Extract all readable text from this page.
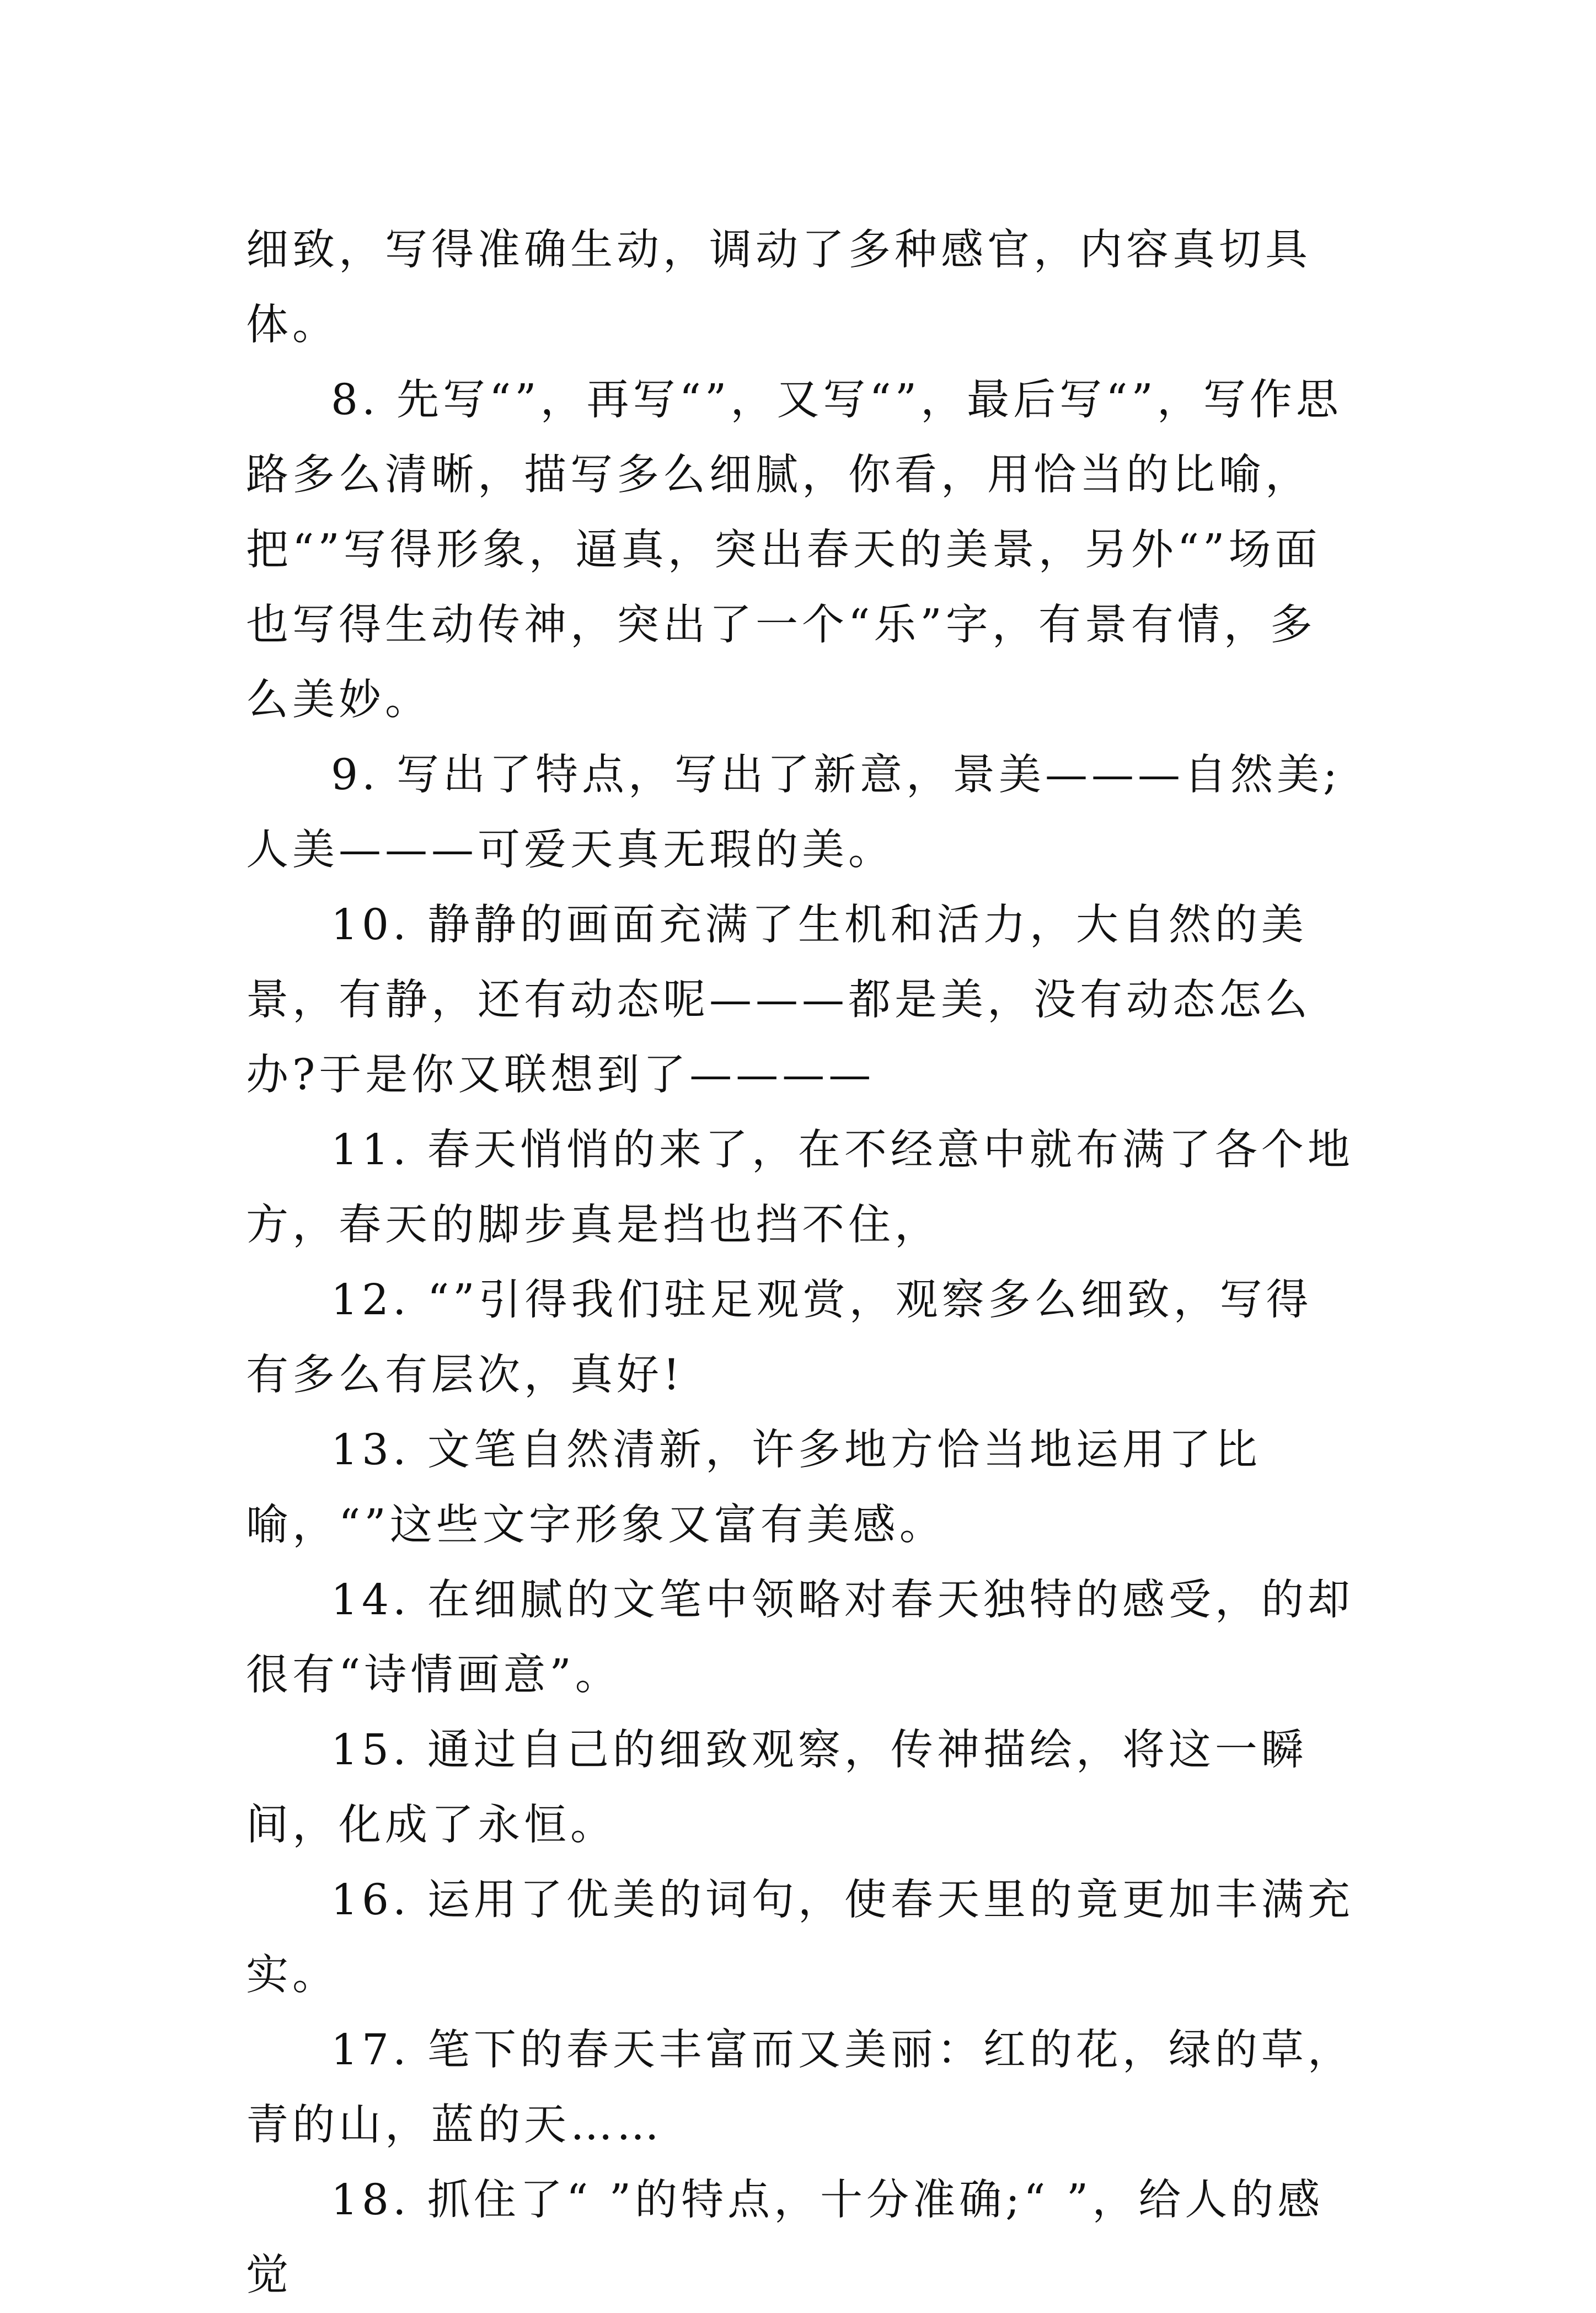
细致，写得准确生动，调动了多种感官，内容真切具体。

8. 先写“”，再写“”，又写“”，最后写“”，写作思路多么清晰，描写多么细腻，你看，用恰当的比喻，把“”写得形象，逼真，突出春天的美景，另外“”场面也写得生动传神，突出了一个“乐”字，有景有情，多么美妙。

9. 写出了特点，写出了新意，景美———自然美;人美———可爱天真无瑕的美。

10. 静静的画面充满了生机和活力，大自然的美景，有静，还有动态呢———都是美，没有动态怎么办?于是你又联想到了————

11. 春天悄悄的来了，在不经意中就布满了各个地方，春天的脚步真是挡也挡不住，

12. “”引得我们驻足观赏，观察多么细致，写得有多么有层次，真好!

13. 文笔自然清新，许多地方恰当地运用了比喻，“”这些文字形象又富有美感。

14. 在细腻的文笔中领略对春天独特的感受，的却很有“诗情画意”。

15. 通过自己的细致观察，传神描绘，将这一瞬间，化成了永恒。

16. 运用了优美的词句，使春天里的竟更加丰满充实。

17. 笔下的春天丰富而又美丽：红的花，绿的草，青的山，蓝的天……

18. 抓住了“ ”的特点，十分准确;“ ”，给人的感觉
